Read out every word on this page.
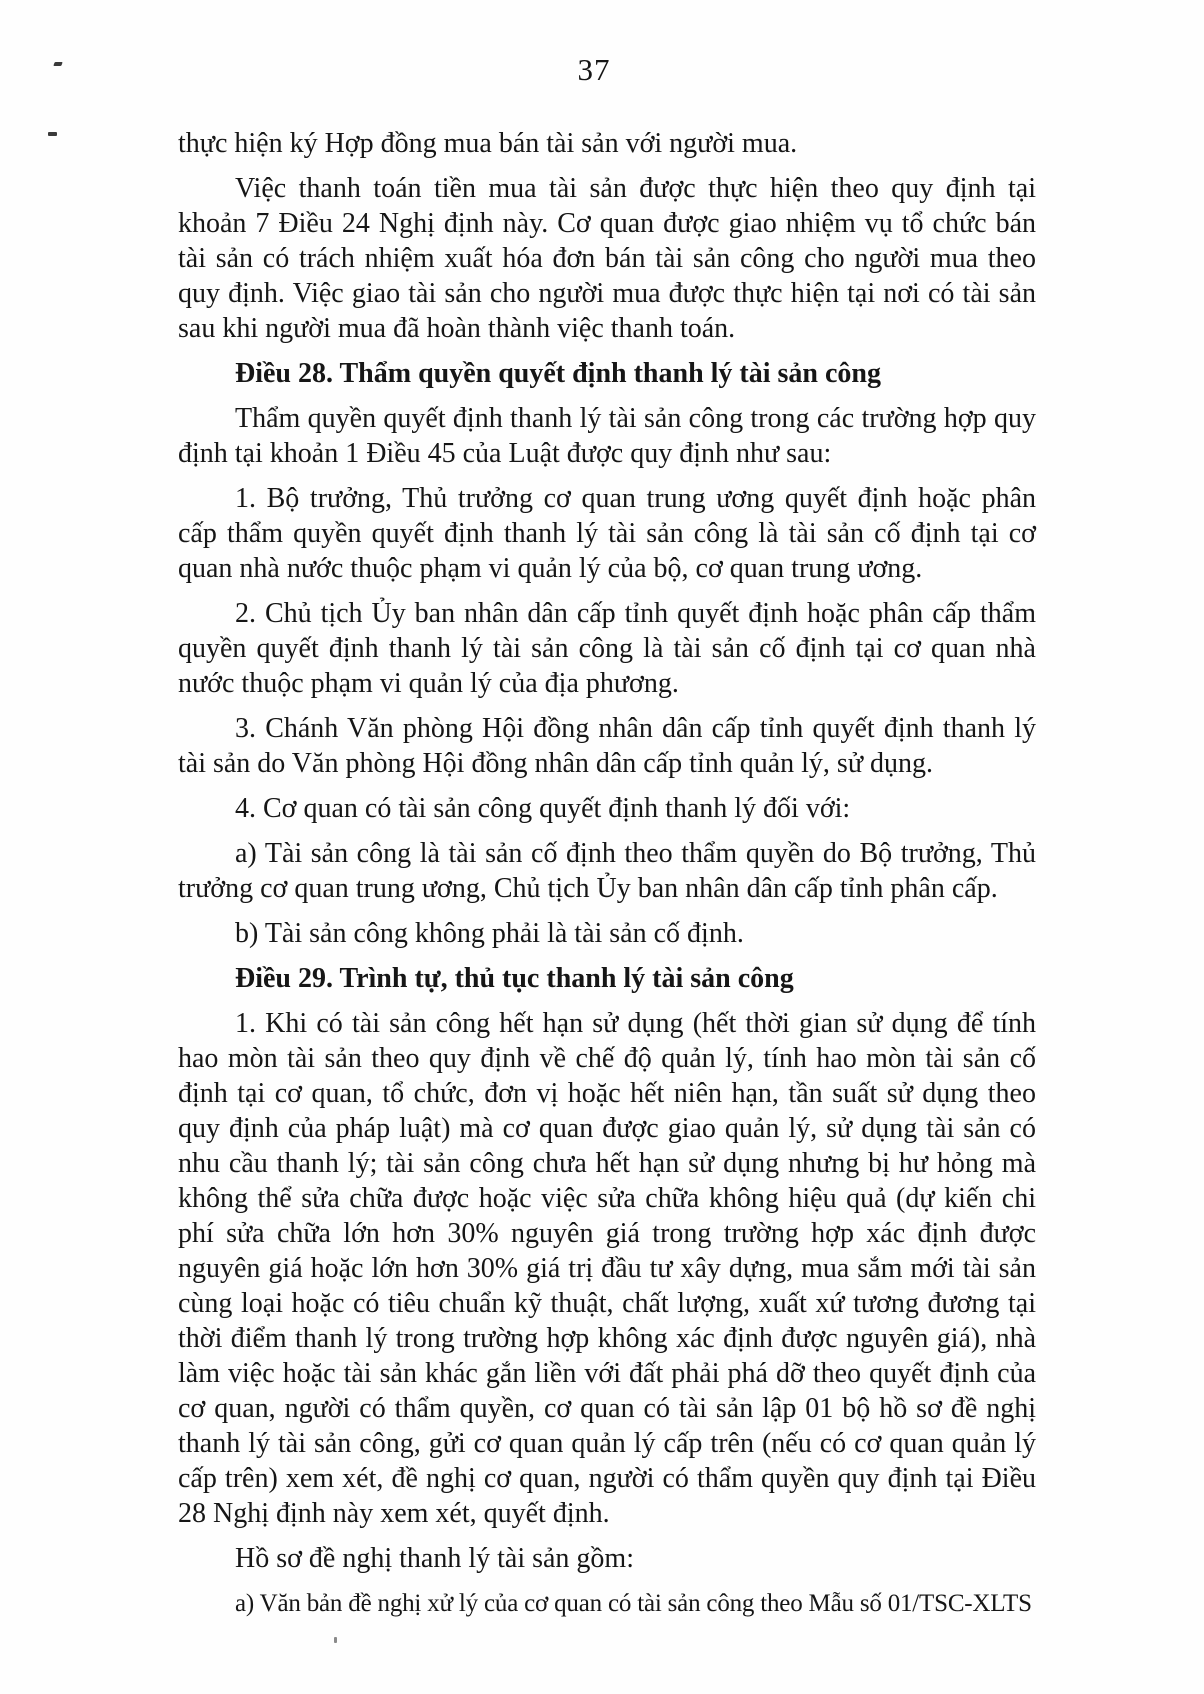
37

thực hiện ký Hợp đồng mua bán tài sản với người mua.

Việc thanh toán tiền mua tài sản được thực hiện theo quy định tại khoản 7 Điều 24 Nghị định này. Cơ quan được giao nhiệm vụ tổ chức bán tài sản có trách nhiệm xuất hóa đơn bán tài sản công cho người mua theo quy định. Việc giao tài sản cho người mua được thực hiện tại nơi có tài sản sau khi người mua đã hoàn thành việc thanh toán.

Điều 28. Thẩm quyền quyết định thanh lý tài sản công

Thẩm quyền quyết định thanh lý tài sản công trong các trường hợp quy định tại khoản 1 Điều 45 của Luật được quy định như sau:

1. Bộ trưởng, Thủ trưởng cơ quan trung ương quyết định hoặc phân cấp thẩm quyền quyết định thanh lý tài sản công là tài sản cố định tại cơ quan nhà nước thuộc phạm vi quản lý của bộ, cơ quan trung ương.

2. Chủ tịch Ủy ban nhân dân cấp tỉnh quyết định hoặc phân cấp thẩm quyền quyết định thanh lý tài sản công là tài sản cố định tại cơ quan nhà nước thuộc phạm vi quản lý của địa phương.

3. Chánh Văn phòng Hội đồng nhân dân cấp tỉnh quyết định thanh lý tài sản do Văn phòng Hội đồng nhân dân cấp tỉnh quản lý, sử dụng.

4. Cơ quan có tài sản công quyết định thanh lý đối với:

a) Tài sản công là tài sản cố định theo thẩm quyền do Bộ trưởng, Thủ trưởng cơ quan trung ương, Chủ tịch Ủy ban nhân dân cấp tỉnh phân cấp.

b) Tài sản công không phải là tài sản cố định.

Điều 29. Trình tự, thủ tục thanh lý tài sản công

1. Khi có tài sản công hết hạn sử dụng (hết thời gian sử dụng để tính hao mòn tài sản theo quy định về chế độ quản lý, tính hao mòn tài sản cố định tại cơ quan, tổ chức, đơn vị hoặc hết niên hạn, tần suất sử dụng theo quy định của pháp luật) mà cơ quan được giao quản lý, sử dụng tài sản có nhu cầu thanh lý; tài sản công chưa hết hạn sử dụng nhưng bị hư hỏng mà không thể sửa chữa được hoặc việc sửa chữa không hiệu quả (dự kiến chi phí sửa chữa lớn hơn 30% nguyên giá trong trường hợp xác định được nguyên giá hoặc lớn hơn 30% giá trị đầu tư xây dựng, mua sắm mới tài sản cùng loại hoặc có tiêu chuẩn kỹ thuật, chất lượng, xuất xứ tương đương tại thời điểm thanh lý trong trường hợp không xác định được nguyên giá), nhà làm việc hoặc tài sản khác gắn liền với đất phải phá dỡ theo quyết định của cơ quan, người có thẩm quyền, cơ quan có tài sản lập 01 bộ hồ sơ đề nghị thanh lý tài sản công, gửi cơ quan quản lý cấp trên (nếu có cơ quan quản lý cấp trên) xem xét, đề nghị cơ quan, người có thẩm quyền quy định tại Điều 28 Nghị định này xem xét, quyết định.

Hồ sơ đề nghị thanh lý tài sản gồm:

a) Văn bản đề nghị xử lý của cơ quan có tài sản công theo Mẫu số 01/TSC-XLTS
